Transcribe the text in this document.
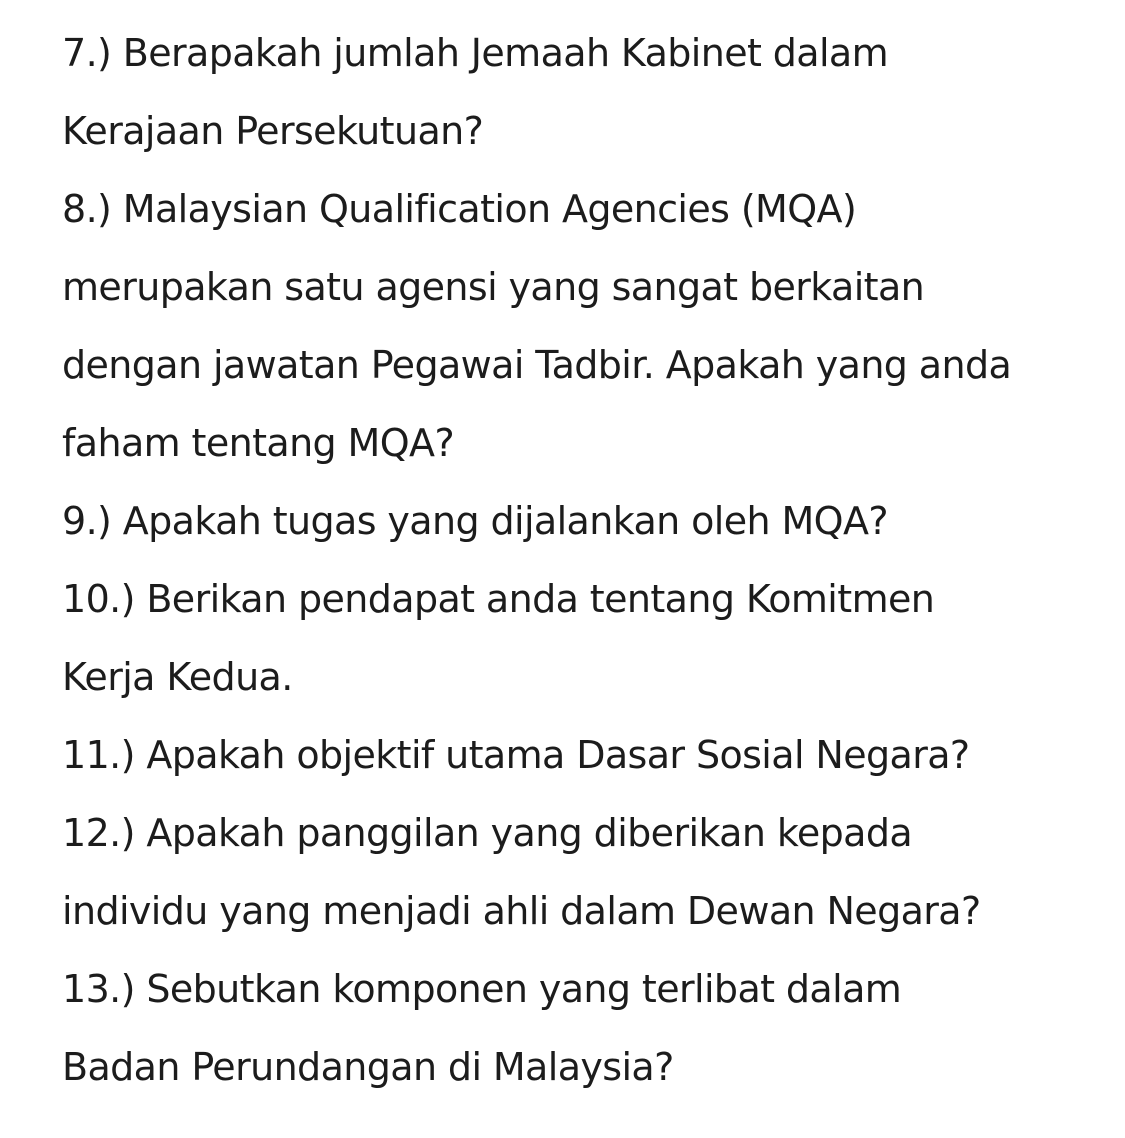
7.) Berapakah jumlah Jemaah Kabinet dalam
Kerajaan Persekutuan?
8.) Malaysian Qualification Agencies (MQA)
merupakan satu agensi yang sangat berkaitan
dengan jawatan Pegawai Tadbir. Apakah yang anda
faham tentang MQA?
9.) Apakah tugas yang dijalankan oleh MQA?
10.) Berikan pendapat anda tentang Komitmen
Kerja Kedua.
11.) Apakah objektif utama Dasar Sosial Negara?
12.) Apakah panggilan yang diberikan kepada
individu yang menjadi ahli dalam Dewan Negara?
13.) Sebutkan komponen yang terlibat dalam
Badan Perundangan di Malaysia?
